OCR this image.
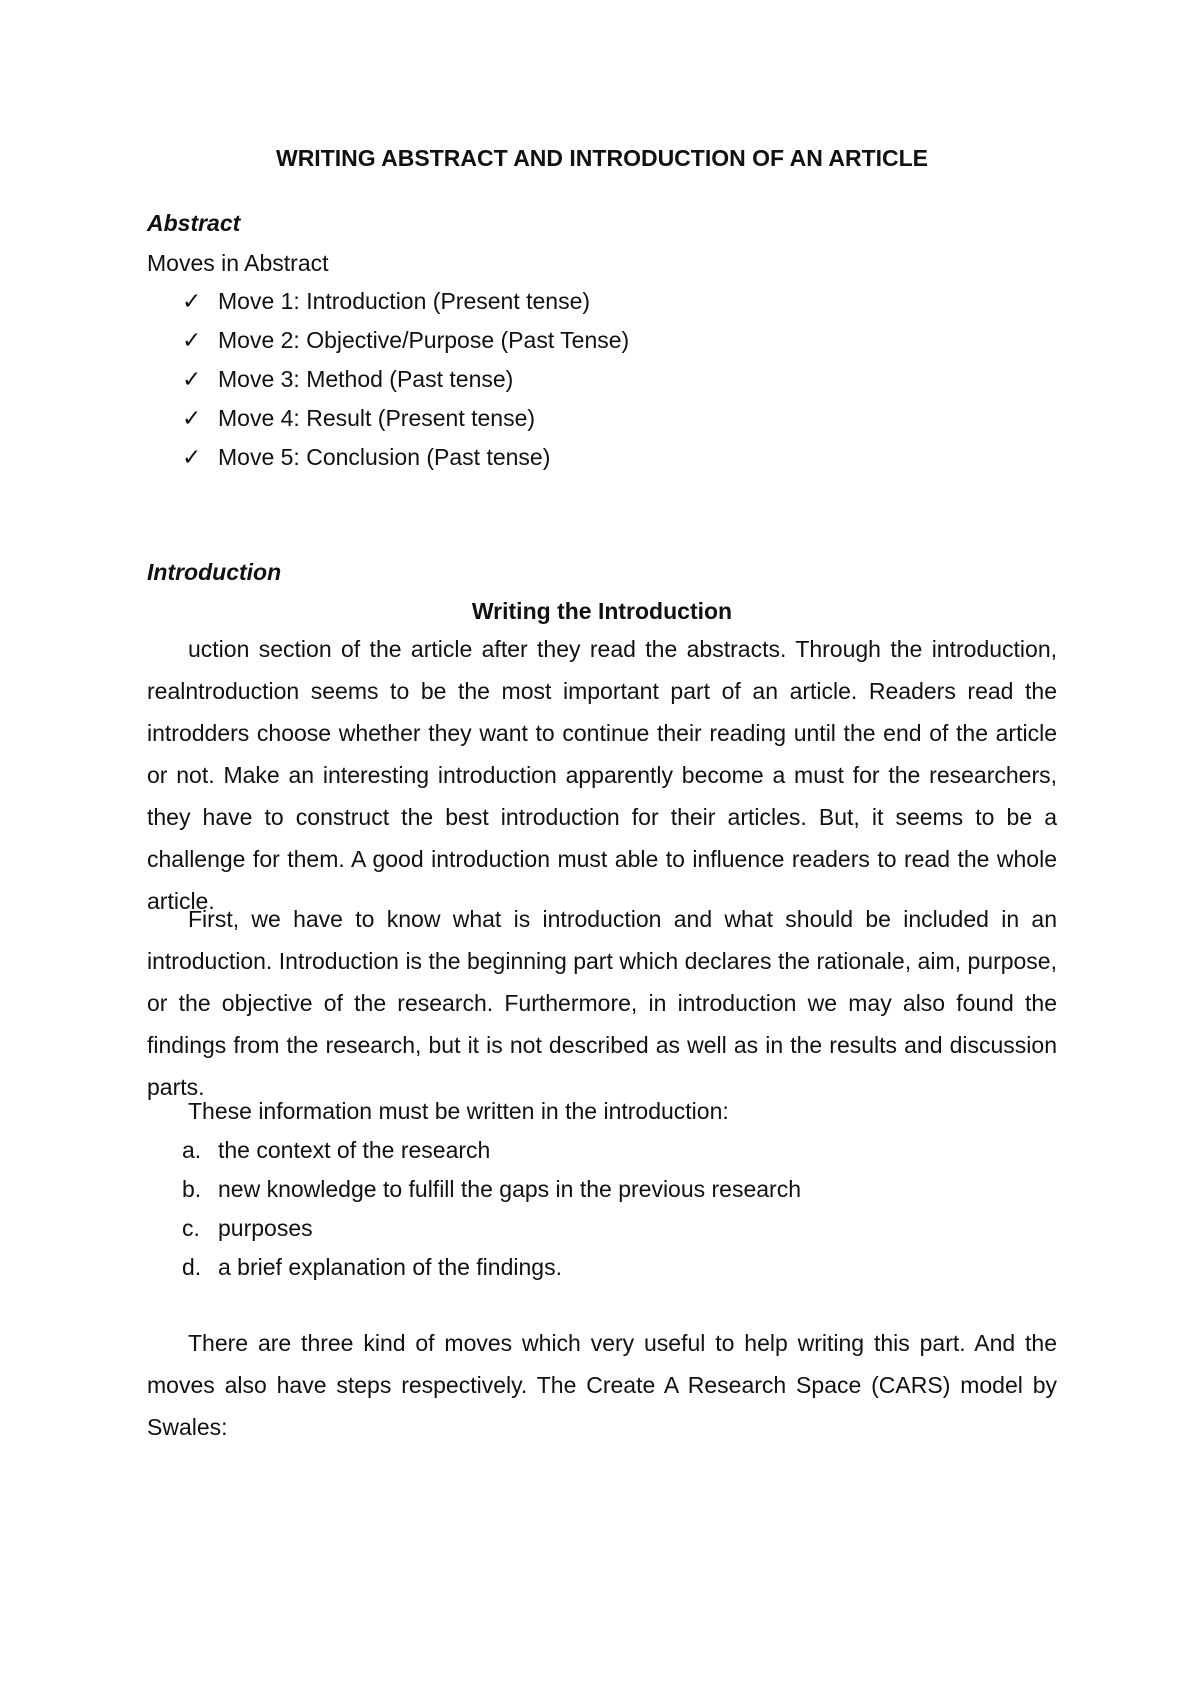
WRITING ABSTRACT AND INTRODUCTION OF AN ARTICLE
Abstract
Moves in Abstract
✓ Move 1: Introduction (Present tense)
✓ Move 2: Objective/Purpose (Past Tense)
✓ Move 3: Method (Past tense)
✓ Move 4: Result (Present tense)
✓ Move 5: Conclusion (Past tense)
Introduction
Writing the Introduction

uction section of the article after they read the abstracts. Through the introduction, realntroduction seems to be the most important part of an article. Readers read the introdders choose whether they want to continue their reading until the end of the article or not. Make an interesting introduction apparently become a must for the researchers, they have to construct the best introduction for their articles. But, it seems to be a challenge for them. A good introduction must able to influence readers to read the whole article.

First, we have to know what is introduction and what should be included in an introduction. Introduction is the beginning part which declares the rationale, aim, purpose, or the objective of the research. Furthermore, in introduction we may also found the findings from the research, but it is not described as well as in the results and discussion parts.

These information must be written in the introduction:
a. the context of the research
b. new knowledge to fulfill the gaps in the previous research
c. purposes
d. a brief explanation of the findings.

There are three kind of moves which very useful to help writing this part. And the moves also have steps respectively. The Create A Research Space (CARS) model by Swales:
